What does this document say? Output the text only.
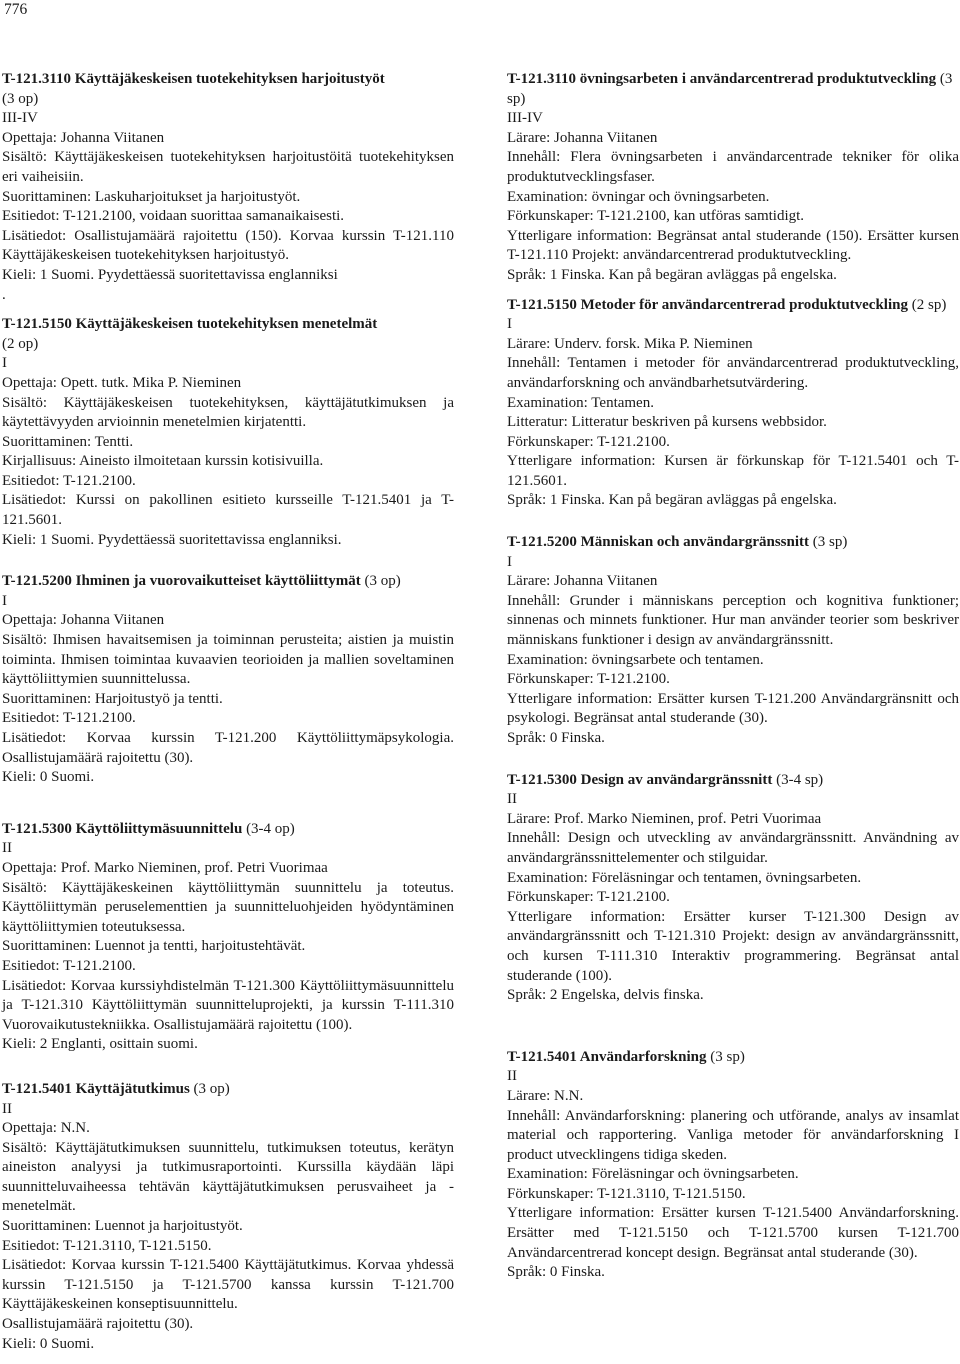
776

T-121.3110 Käyttäjäkeskeisen tuotekehityksen harjoitustyöt

(3 op)

III-IV

Opettaja: Johanna Viitanen

Sisältö: Käyttäjäkeskeisen tuotekehityksen harjoitustöitä tuotekehityksen eri vaiheisiin.

Suorittaminen: Laskuharjoitukset ja harjoitustyöt.

Esitiedot: T-121.2100, voidaan suorittaa samanaikaisesti.

Lisätiedot: Osallistujamäärä rajoitettu (150). Korvaa kurssin T-121.110 Käyttäjäkeskeisen tuotekehityksen harjoitustyö.

Kieli: 1 Suomi. Pyydettäessä suoritettavissa englanniksi

.

T-121.5150 Käyttäjäkeskeisen tuotekehityksen menetelmät

(2 op)

I

Opettaja: Opett. tutk. Mika P. Nieminen

Sisältö: Käyttäjäkeskeisen tuotekehityksen, käyttäjätutkimuksen ja käytettävyyden arvioinnin menetelmien kirjatentti.

Suorittaminen: Tentti.

Kirjallisuus: Aineisto ilmoitetaan kurssin kotisivuilla.

Esitiedot: T-121.2100.

Lisätiedot: Kurssi on pakollinen esitieto kursseille T-121.5401 ja T-121.5601.

Kieli: 1 Suomi. Pyydettäessä suoritettavissa englanniksi.

T-121.5200 Ihminen ja vuorovaikutteiset käyttöliittymät (3 op)

I

Opettaja: Johanna Viitanen

Sisältö: Ihmisen havaitsemisen ja toiminnan perusteita; aistien ja muistin toiminta. Ihmisen toimintaa kuvaavien teorioiden ja mallien soveltaminen käyttöliittymien suunnittelussa.

Suorittaminen: Harjoitustyö ja tentti.

Esitiedot: T-121.2100.

Lisätiedot: Korvaa kurssin T-121.200 Käyttöliittymäpsykologia. Osallistujamäärä rajoitettu (30).

Kieli: 0 Suomi.

T-121.5300 Käyttöliittymäsuunnittelu (3-4 op)

II

Opettaja: Prof. Marko Nieminen, prof. Petri Vuorimaa

Sisältö: Käyttäjäkeskeinen käyttöliittymän suunnittelu ja toteutus. Käyttöliittymän peruselementtien ja suunnitteluohjeiden hyödyntäminen käyttöliittymien toteutuksessa.

Suorittaminen: Luennot ja tentti, harjoitustehtävät.

Esitiedot: T-121.2100.

Lisätiedot: Korvaa kurssiyhdistelmän T-121.300 Käyttöliittymäsuunnittelu ja T-121.310 Käyttöliittymän suunnitteluprojekti, ja kurssin T-111.310 Vuorovaikutustekniikka. Osallistujamäärä rajoitettu (100).

Kieli: 2 Englanti, osittain suomi.

T-121.5401 Käyttäjätutkimus (3 op)

II

Opettaja: N.N.

Sisältö: Käyttäjätutkimuksen suunnittelu, tutkimuksen toteutus, kerätyn aineiston analyysi ja tutkimusraportointi. Kurssilla käydään läpi suunnitteluvaiheessa tehtävän käyttäjätutkimuksen perusvaiheet ja -menetelmät.

Suorittaminen: Luennot ja harjoitustyöt.

Esitiedot: T-121.3110, T-121.5150.

Lisätiedot: Korvaa kurssin T-121.5400 Käyttäjätutkimus. Korvaa yhdessä kurssin T-121.5150 ja T-121.5700 kanssa kurssin T-121.700 Käyttäjäkeskeinen konseptisuunnittelu.

Osallistujamäärä rajoitettu (30).

Kieli: 0 Suomi.

T-121.3110 övningsarbeten i användarcentrerad produktutveckling (3 sp)

III-IV

Lärare: Johanna Viitanen

Innehåll: Flera övningsarbeten i användarcentrade tekniker för olika produktutvecklingsfaser.

Examination: övningar och övningsarbeten.

Förkunskaper: T-121.2100, kan utföras samtidigt.

Ytterligare information: Begränsat antal studerande (150). Ersätter kursen T-121.110 Projekt: användarcentrerad produktutveckling.

Språk: 1 Finska. Kan på begäran avläggas på engelska.

T-121.5150 Metoder för användarcentrerad produktutveckling (2 sp)

I

Lärare: Underv. forsk. Mika P. Nieminen

Innehåll: Tentamen i metoder för användarcentrerad produktutveckling, användarforskning och användbarhetsutvärdering.

Examination: Tentamen.

Litteratur: Litteratur beskriven på kursens webbsidor.

Förkunskaper: T-121.2100.

Ytterligare information: Kursen är förkunskap för T-121.5401 och T-121.5601.

Språk: 1 Finska. Kan på begäran avläggas på engelska.

T-121.5200 Människan och användargränssnitt (3 sp)

I

Lärare: Johanna Viitanen

Innehåll: Grunder i människans perception och kognitiva funktioner; sinnenas och minnets funktioner. Hur man använder teorier som beskriver människans funktioner i design av användargränssnitt.

Examination: övningsarbete och tentamen.

Förkunskaper: T-121.2100.

Ytterligare information: Ersätter kursen T-121.200 Användargränsnitt och psykologi. Begränsat antal studerande (30).

Språk: 0 Finska.

T-121.5300 Design av användargränssnitt (3-4 sp)

II

Lärare: Prof. Marko Nieminen, prof. Petri Vuorimaa

Innehåll: Design och utveckling av användargränssnitt. Användning av användargränssnittelementer och stilguidar.

Examination: Föreläsningar och tentamen, övningsarbeten.

Förkunskaper: T-121.2100.

Ytterligare information: Ersätter kurser T-121.300 Design av användargränssnitt och T-121.310 Projekt: design av användargränssnitt, och kursen T-111.310 Interaktiv programmering. Begränsat antal studerande (100).

Språk: 2 Engelska, delvis finska.

T-121.5401 Användarforskning (3 sp)

II

Lärare: N.N.

Innehåll: Användarforskning: planering och utförande, analys av insamlat material och rapportering. Vanliga metoder för användarforskning I product utvecklingens tidiga skeden.

Examination: Föreläsningar och övningsarbeten.

Förkunskaper: T-121.3110, T-121.5150.

Ytterligare information: Ersätter kursen T-121.5400 Användarforskning. Ersätter med T-121.5150 och T-121.5700 kursen T-121.700 Användarcentrerad koncept design. Begränsat antal studerande (30).

Språk: 0 Finska.
